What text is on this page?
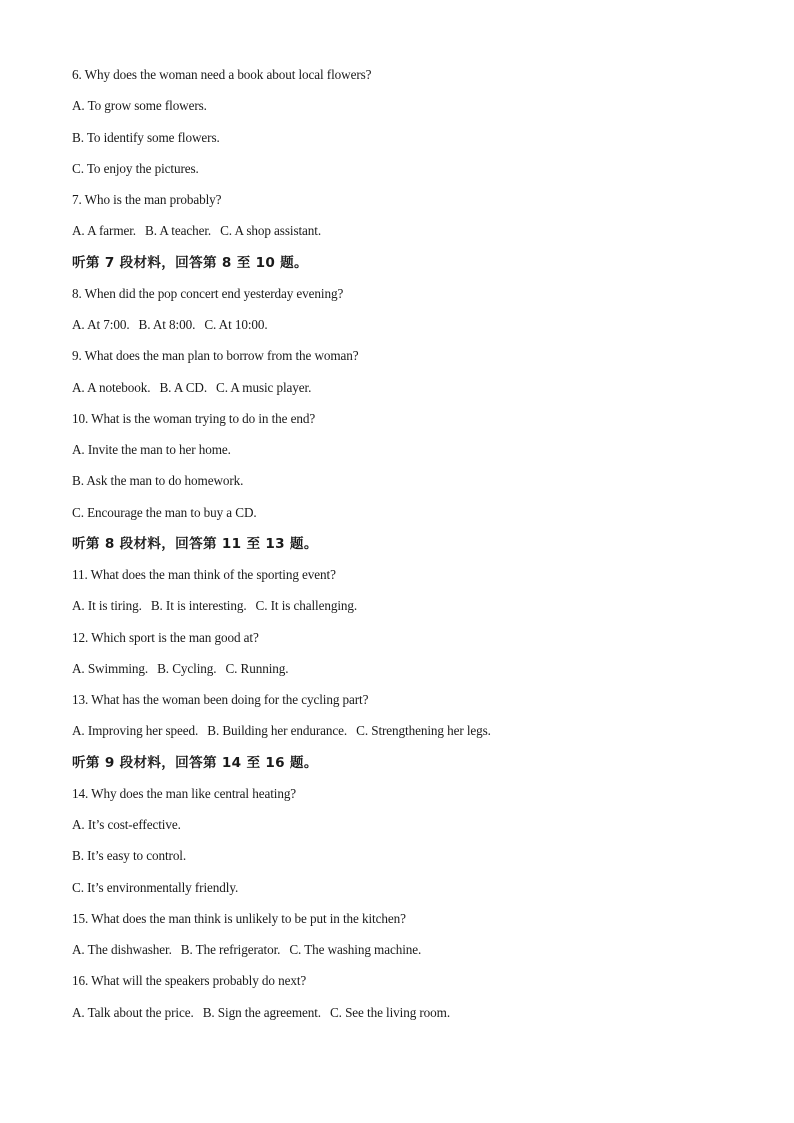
6. Why does the woman need a book about local flowers?
A. To grow some flowers.
B. To identify some flowers.
C. To enjoy the pictures.
7. Who is the man probably?
A. A farmer. B. A teacher. C. A shop assistant.
听第 7 段材料，回答第 8 至 10 题。
8. When did the pop concert end yesterday evening?
A. At 7:00. B. At 8:00. C. At 10:00.
9. What does the man plan to borrow from the woman?
A. A notebook. B. A CD. C. A music player.
10. What is the woman trying to do in the end?
A. Invite the man to her home.
B. Ask the man to do homework.
C. Encourage the man to buy a CD.
听第 8 段材料，回答第 11 至 13 题。
11. What does the man think of the sporting event?
A. It is tiring. B. It is interesting. C. It is challenging.
12. Which sport is the man good at?
A. Swimming. B. Cycling. C. Running.
13. What has the woman been doing for the cycling part?
A. Improving her speed. B. Building her endurance. C. Strengthening her legs.
听第 9 段材料，回答第 14 至 16 题。
14. Why does the man like central heating?
A. It’s cost-effective.
B. It’s easy to control.
C. It’s environmentally friendly.
15. What does the man think is unlikely to be put in the kitchen?
A. The dishwasher. B. The refrigerator. C. The washing machine.
16. What will the speakers probably do next?
A. Talk about the price. B. Sign the agreement. C. See the living room.
